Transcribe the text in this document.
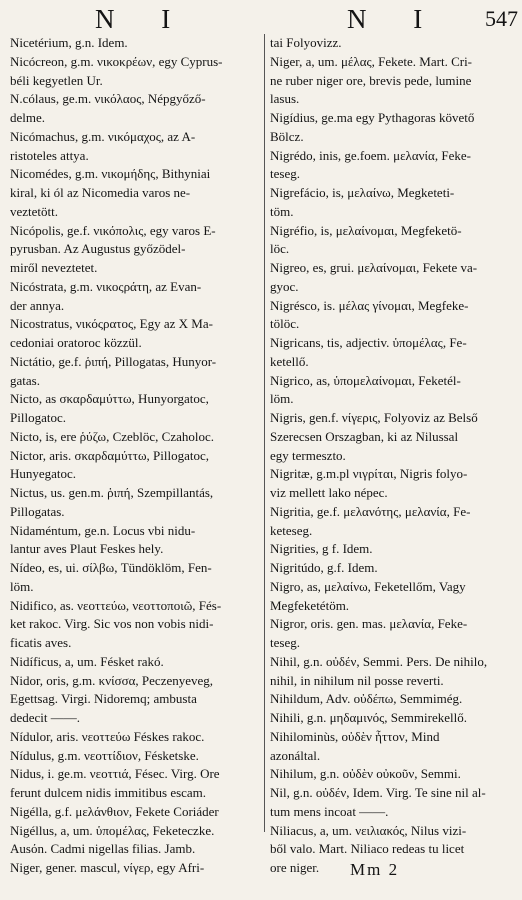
N I	N I 547
Nicetérium, g.n. Idem.
Nicócreon, g.m. νικοκρέων, egy Cyprus-
béli kegyetlen Ur.
N.cólaus, ge.m. νικόλαος, Népgyőző-
delme.
Nicómachus, g.m. νικόμαχος, az A-
ristoteles attya.
Nicomédes, g.m. νικομήδης, Bithyniai
kiral, ki ól az Nicomedia varos ne-
veztetött.
Nicópolis, ge.f. νικόπολις, egy varos E-
pyrusban. Az Augustus győzödel-
miről neveztetet.
Nicóstrata, g.m. νικοςράτη, az Evan-
der annya.
Nicostratus, νικόςρατος, Egy az X Ma-
cedoniai oratoroc közzül.
Nictátio, ge.f. ῥιπή, Pillogatas, Hunyor-
gatas.
Nicto, as σκαρδαμύττω, Hunyorgatoc,
Pillogatoc.
Nicto, is, ere ῥύζω, Czeblöc, Czaholoc.
Nictor, aris. σκαρδαμύττω, Pillogatoc,
Hunyegatoc.
Nictus, us. gen.m. ῥιπή, Szempillantás,
Pillogatas.
Nidaméntum, ge.n. Locus vbi nidu-
lantur aves Plaut Feskes hely.
Nídeo, es, ui. σίλβω, Tündöklöm, Fen-
löm.
Nidifico, as. νεοττεύω, νεοττοποιῶ, Fés-
ket rakoc. Virg. Sic vos non vobis nidi-
ficatis aves.
Nidíficus, a, um. Fésket rakó.
Nidor, oris, g.m. κνίσσα, Peczenyeveg,
Egettsag. Virgi. Nidoremq; ambusta
dedecit ——.
Nídulor, aris. νεοττεύω Féskes rakoc.
Nídulus, g.m. νεοττίδιον, Fésketske.
Nidus, i. ge.m. νεοττιά, Fésec. Virg. Ore
ferunt dulcem nidis immitibus escam.
Nigélla, g.f. μελάνθιον, Fekete Coriáder
Nigéllus, a, um. ὑπομέλας, Feketeczke.
Ausόn. Cadmi nigellas filias. Jamb.
Niger, gener. mascul, νίγερ, egy Afri-
tai Folyovizz.
Niger, a, um. μέλας, Fekete. Mart. Cri-
ne ruber niger ore, brevis pede, lumine
lasus.
Nigídius, ge.ma egy Pythagoras követő
Bölcz.
Nigrédo, inis, ge.foem. μελανία, Feke-
teseg.
Nigrefácio, is, μελαίνω, Megketeti-
töm.
Nigréfio, is, μελαίνομαι, Megfeketö-
löc.
Nigreo, es, grui. μελαίνομαι, Fekete va-
gyoc.
Nigrésco, is. μέλας γίνομαι, Megfeke-
tölöc.
Nigricans, tis, adjectiv. ὑπομέλας, Fe-
ketellő.
Nigrico, as, ὑπομελαίνομαι, Feketél-
löm.
Nigris, gen.f. νίγερις, Folyoviz az Belső
Szerecsen Orszagban, ki az Nilussal
egy termeszto.
Nigritæ, g.m.pl νιγρίται, Nigris folyo-
viz mellett lako népec.
Nigritia, ge.f. μελανότης, μελανία, Fe-
keteseg.
Nigrities, g f. Idem.
Nigritúdo, g.f. Idem.
Nigro, as, μελαίνω, Feketellőm, Vagy
Megfeketétöm.
Nigror, oris. gen. mas. μελανία, Feke-
teseg.
Nihil, g.n. οὐδέν, Semmi. Pers. De nihilo,
nihil, in nihilum nil posse reverti.
Nihildum, Adv. οὐδέπω, Semmimég.
Nihili, g.n. μηδαμινός, Semmirekellő.
Nihilominùs, οὐδὲν ἧττον, Mind
azonáltal.
Nihilum, g.n. οὐδὲν οὐκοῦν, Semmi.
Nil, g.n. οὐδέν, Idem. Virg. Te sine nil al-
tum mens incoat ——.
Niliacus, a, um. νειλιακός, Nilus vizi-
ből valo. Mart. Niliaco redeas tu licet
ore niger.	Mm 2
